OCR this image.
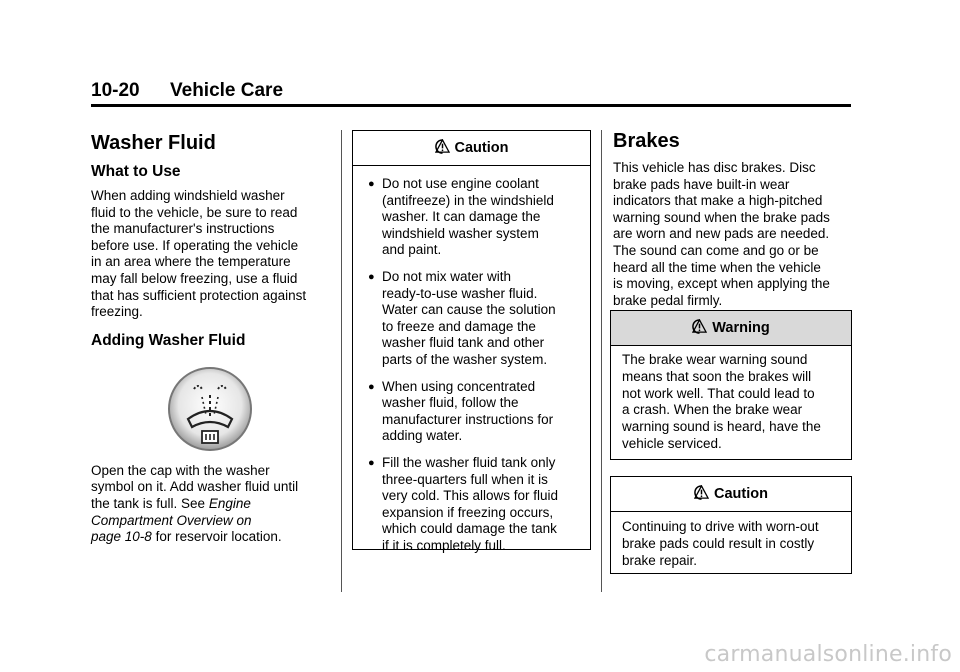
10-20 Vehicle Care
Washer Fluid
What to Use

When adding windshield washer
fluid to the vehicle, be sure to read
the manufacturer's instructions
before use. If operating the vehicle
in an area where the temperature
may fall below freezing, use a fluid
that has sufficient protection against
freezing.

Adding Washer Fluid

Open the cap with the washer
symbol on it. Add washer fluid until
the tank is full. See Engine
Compartment Overview on
page 10-8 for reservoir location.

Caution
● Do not use engine coolant
(antifreeze) in the windshield
washer. It can damage the
windshield washer system
and paint.
● Do not mix water with
ready-to-use washer fluid.
Water can cause the solution
to freeze and damage the
washer fluid tank and other
parts of the washer system.
● When using concentrated
washer fluid, follow the
manufacturer instructions for
adding water.
● Fill the washer fluid tank only
three-quarters full when it is
very cold. This allows for fluid
expansion if freezing occurs,
which could damage the tank
if it is completely full.
Brakes

This vehicle has disc brakes. Disc
brake pads have built-in wear
indicators that make a high-pitched
warning sound when the brake pads
are worn and new pads are needed.
The sound can come and go or be
heard all the time when the vehicle
is moving, except when applying the
brake pedal firmly.

Warning
The brake wear warning sound
means that soon the brakes will
not work well. That could lead to
a crash. When the brake wear
warning sound is heard, have the
vehicle serviced.
Caution
Continuing to drive with worn-out
brake pads could result in costly
brake repair.
carmanualsonline.info
